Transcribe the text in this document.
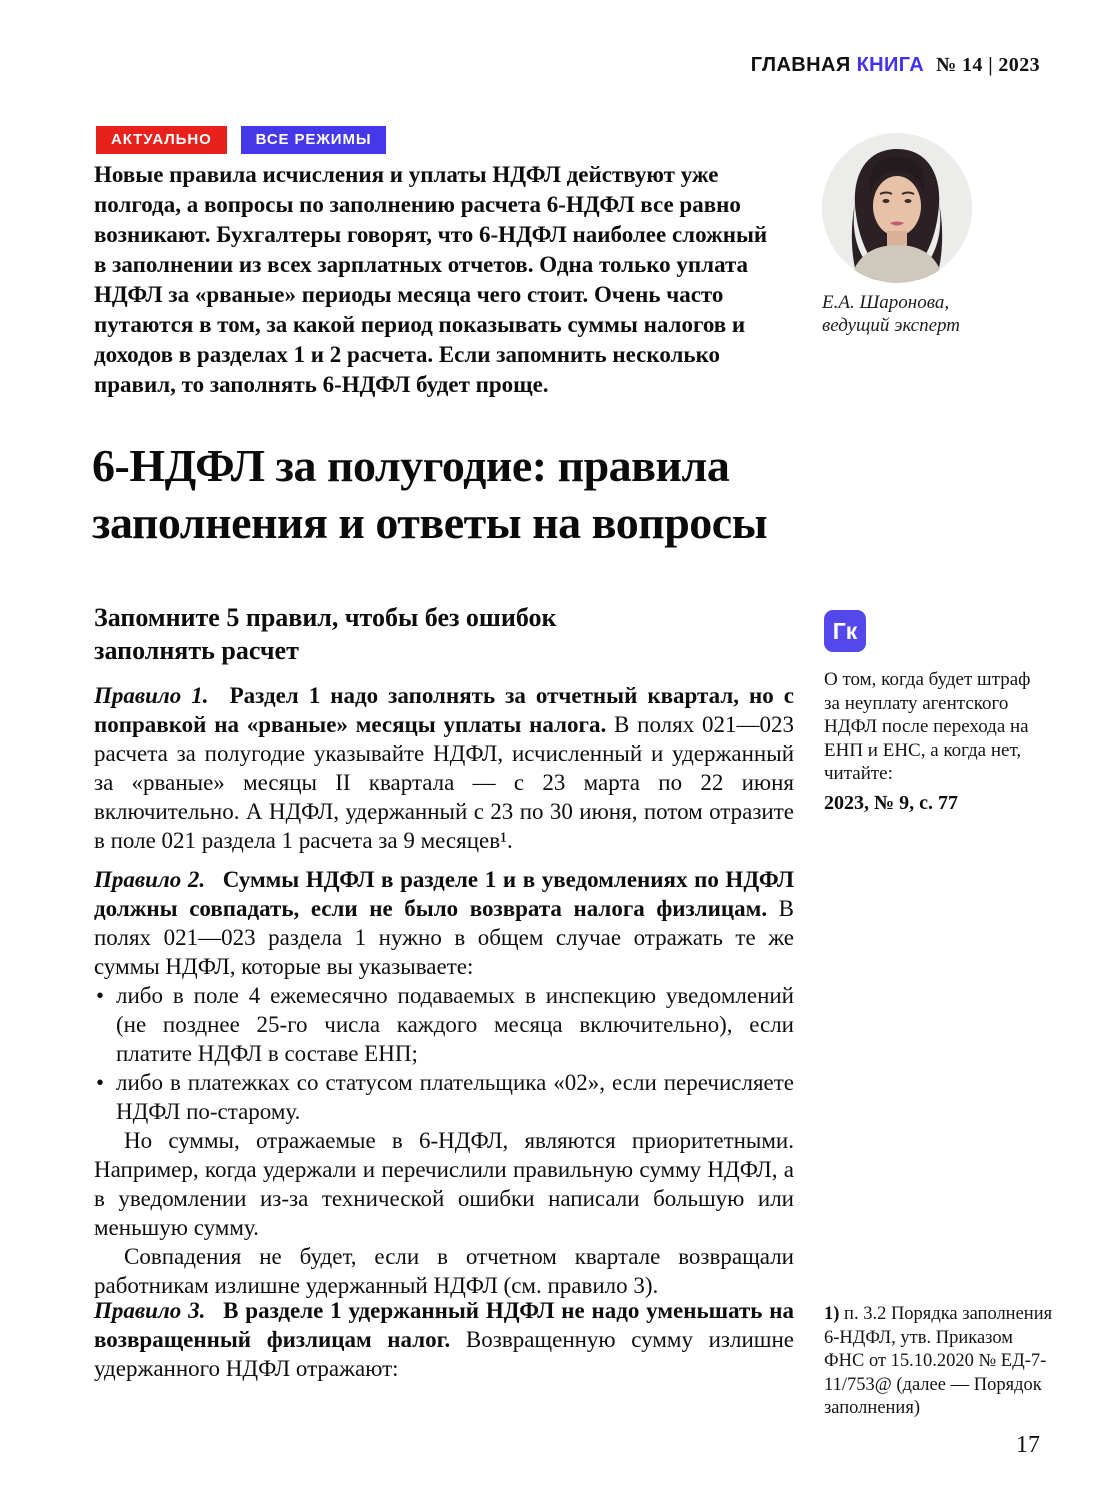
ГЛАВНАЯ КНИГА № 14 | 2023
АКТУАЛЬНО	ВСЕ РЕЖИМЫ
Новые правила исчисления и уплаты НДФЛ действуют уже полгода, а вопросы по заполнению расчета 6-НДФЛ все равно возникают. Бухгалтеры говорят, что 6-НДФЛ наиболее сложный в заполнении из всех зарплатных отчетов. Одна только уплата НДФЛ за «рваные» периоды месяца чего стоит. Очень часто путаются в том, за какой период показывать суммы налогов и доходов в разделах 1 и 2 расчета. Если запомнить несколько правил, то заполнять 6-НДФЛ будет проще.
Е.А. Шаронова,
ведущий эксперт
6-НДФЛ за полугодие: правила
заполнения и ответы на вопросы
Запомните 5 правил, чтобы без ошибок заполнять расчет

Правило 1. Раздел 1 надо заполнять за отчетный квартал, но с поправкой на «рваные» месяцы уплаты налога. В полях 021—023 расчета за полугодие указывайте НДФЛ, исчисленный и удержанный за «рваные» месяцы II квартала — с 23 марта по 22 июня включительно. А НДФЛ, удержанный с 23 по 30 июня, потом отразите в поле 021 раздела 1 расчета за 9 месяцев¹.

Правило 2. Суммы НДФЛ в разделе 1 и в уведомлениях по НДФЛ должны совпадать, если не было возврата налога физлицам. В полях 021—023 раздела 1 нужно в общем случае отражать те же суммы НДФЛ, которые вы указываете:

• либо в поле 4 ежемесячно подаваемых в инспекцию уведомлений (не позднее 25-го числа каждого месяца включительно), если платите НДФЛ в составе ЕНП;
• либо в платежках со статусом плательщика «02», если перечисляете НДФЛ по-старому.

Но суммы, отражаемые в 6-НДФЛ, являются приоритетными. Например, когда удержали и перечислили правильную сумму НДФЛ, а в уведомлении из-за технической ошибки написали большую или меньшую сумму.

Совпадения не будет, если в отчетном квартале возвращали работникам излишне удержанный НДФЛ (см. правило 3).

Правило 3. В разделе 1 удержанный НДФЛ не надо уменьшать на возвращенный физлицам налог. Возвращенную сумму излишне удержанного НДФЛ отражают:

Гк
О том, когда будет штраф за неуплату агентского НДФЛ после перехода на ЕНП и ЕНС, а когда нет, читайте:
2023, № 9, с. 77
1) п. 3.2 Порядка заполнения 6-НДФЛ, утв. Приказом ФНС от 15.10.2020 № ЕД-7-11/753@ (далее — Порядок заполнения)
17
